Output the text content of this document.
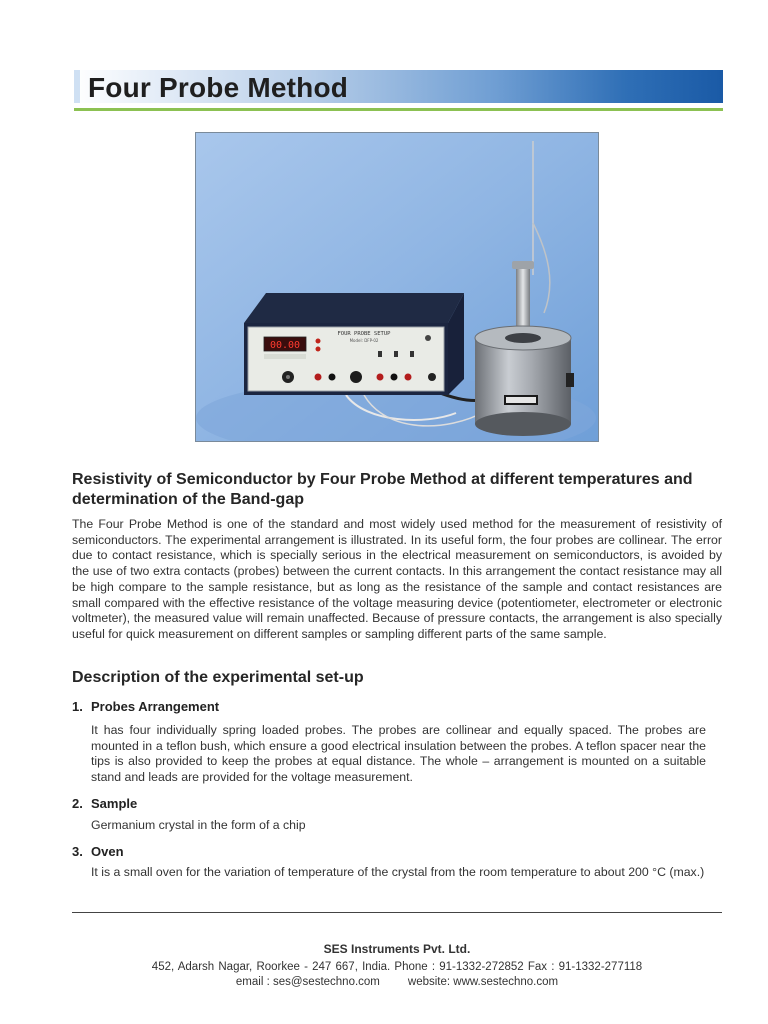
Four Probe Method
FOUR PROBE SETUP
Model: DFP-02
00.00
Resistivity of Semiconductor by Four Probe Method at different temperatures and determination of the Band-gap

The Four Probe Method is one of the standard and most widely used method for the measurement of resistivity of semiconductors. The experimental arrangement is illustrated. In its useful form, the four probes are collinear. The error due to contact resistance, which is specially serious in the electrical measurement on semiconductors, is avoided by the use of two extra contacts (probes) between the current contacts. In this arrangement the contact resistance may all be high compare to the sample resistance, but as long as the resistance of the sample and contact resistances are small compared with the effective resistance of the voltage measuring device (potentiometer, electrometer or electronic voltmeter), the measured value will remain unaffected. Because of pressure contacts, the arrangement is also specially useful for quick measurement on different samples or sampling different parts of the same sample.

Description of the experimental set-up
1. Probes Arrangement

It has four individually spring loaded probes. The probes are collinear and equally spaced. The probes are mounted in a teflon bush, which ensure a good electrical insulation between the probes. A teflon spacer near the tips is also provided to keep the probes at equal distance. The whole – arrangement is mounted on a suitable stand and leads are provided for the voltage measurement.

2. Sample

Germanium crystal in the form of a chip

3. Oven

It is a small oven for the variation of temperature of the crystal from the room temperature to about 200 °C (max.)

SES Instruments Pvt. Ltd.

452, Adarsh Nagar, Roorkee - 247 667, India. Phone : 91-1332-272852 Fax : 91-1332-277118

email : ses@sestechno.com website: www.sestechno.com
